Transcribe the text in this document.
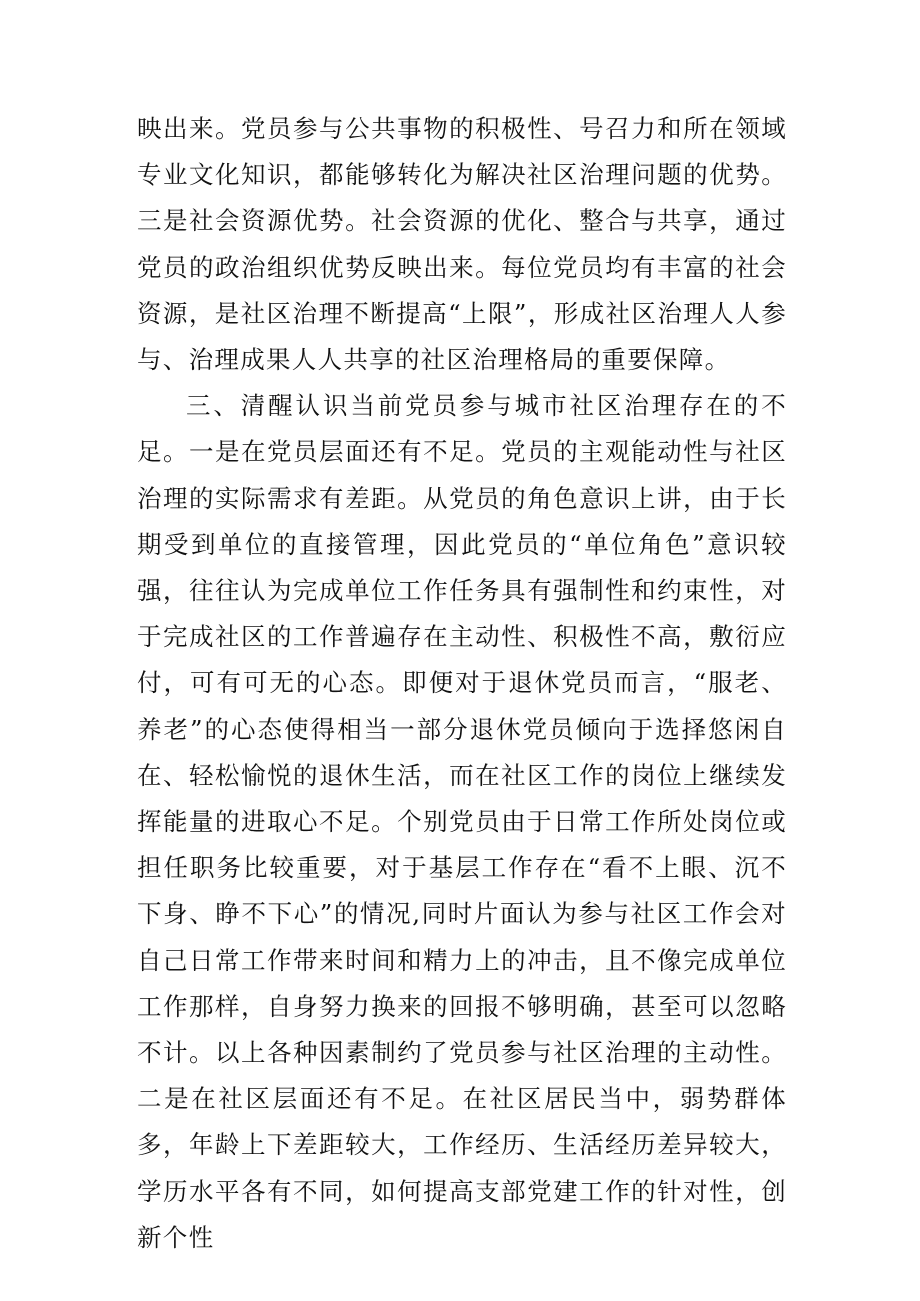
映出来。党员参与公共事物的积极性、号召力和所在领域专业文化知识，都能够转化为解决社区治理问题的优势。三是社会资源优势。社会资源的优化、整合与共享，通过党员的政治组织优势反映出来。每位党员均有丰富的社会资源，是社区治理不断提高“上限”，形成社区治理人人参与、治理成果人人共享的社区治理格局的重要保障。

三、清醒认识当前党员参与城市社区治理存在的不足。一是在党员层面还有不足。党员的主观能动性与社区治理的实际需求有差距。从党员的角色意识上讲，由于长期受到单位的直接管理，因此党员的“单位角色”意识较强，往往认为完成单位工作任务具有强制性和约束性，对于完成社区的工作普遍存在主动性、积极性不高，敷衍应付，可有可无的心态。即便对于退休党员而言，“服老、养老”的心态使得相当一部分退休党员倾向于选择悠闲自在、轻松愉悦的退休生活，而在社区工作的岗位上继续发挥能量的进取心不足。个别党员由于日常工作所处岗位或担任职务比较重要，对于基层工作存在“看不上眼、沉不下身、睁不下心”的情况,同时片面认为参与社区工作会对自己日常工作带来时间和精力上的冲击，且不像完成单位工作那样，自身努力换来的回报不够明确，甚至可以忽略不计。以上各种因素制约了党员参与社区治理的主动性。二是在社区层面还有不足。在社区居民当中，弱势群体多，年龄上下差距较大，工作经历、生活经历差异较大，学历水平各有不同，如何提高支部党建工作的针对性，创新个性
